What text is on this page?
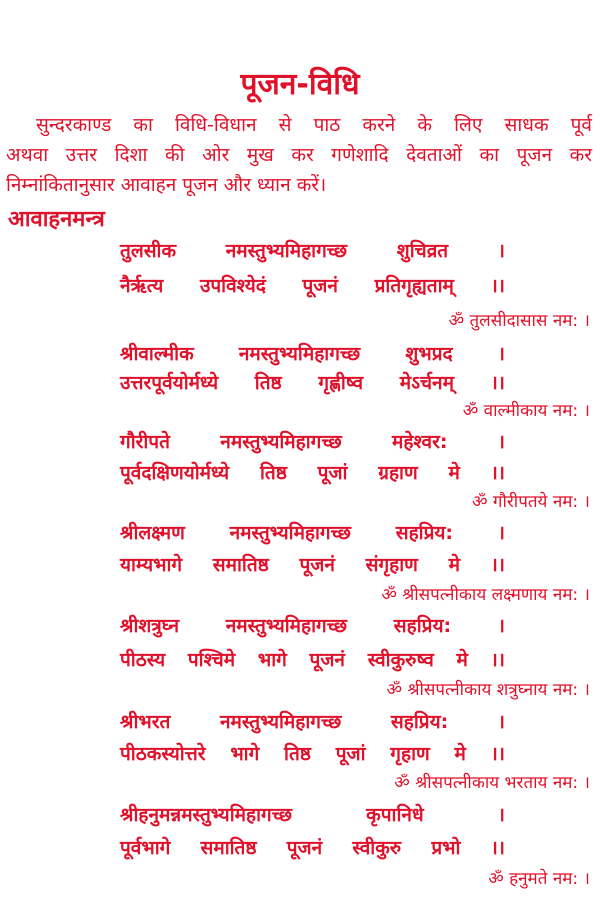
पूजन-विधि
सुन्दरकाण्ड का विधि-विधान से पाठ करने के लिए साधक पूर्व
अथवा उत्तर दिशा की ओर मुख कर गणेशादि देवताओं का पूजन कर
निम्नांकितानुसार आवाहन पूजन और ध्यान करें।
आवाहनमन्त्र
तुलसीक नमस्तुभ्यमिहागच्छ शुचिव्रत ।
नैर्ऋत्य उपविश्येदं पूजनं प्रतिगृह्यताम् ।।
ॐ तुलसीदासास नम: ।
श्रीवाल्मीक नमस्तुभ्यमिहागच्छ शुभप्रद ।
उत्तरपूर्वयोर्मध्ये तिष्ठ गृह्णीष्व मेऽर्चनम् ।।
ॐ वाल्मीकाय नम: ।
गौरीपते नमस्तुभ्यमिहागच्छ महेश्वर: ।
पूर्वदक्षिणयोर्मध्ये तिष्ठ पूजां ग्रहाण मे ।।
ॐ गौरीपतये नम: ।
श्रीलक्ष्मण नमस्तुभ्यमिहागच्छ सहप्रिय: ।
याम्यभागे समातिष्ठ पूजनं संगृहाण मे ।।
ॐ श्रीसपत्नीकाय लक्ष्मणाय नम: ।
श्रीशत्रुघ्न नमस्तुभ्यमिहागच्छ सहप्रिय: ।
पीठस्य पश्चिमे भागे पूजनं स्वीकुरुष्व मे ।।
ॐ श्रीसपत्नीकाय शत्रुघ्नाय नम: ।
श्रीभरत नमस्तुभ्यमिहागच्छ सहप्रिय: ।
पीठकस्योत्तरे भागे तिष्ठ पूजां गृहाण मे ।।
ॐ श्रीसपत्नीकाय भरताय नम: ।
श्रीहनुमन्नमस्तुभ्यमिहागच्छ कृपानिधे ।
पूर्वभागे समातिष्ठ पूजनं स्वीकुरु प्रभो ।।
ॐ हनुमते नम: ।
